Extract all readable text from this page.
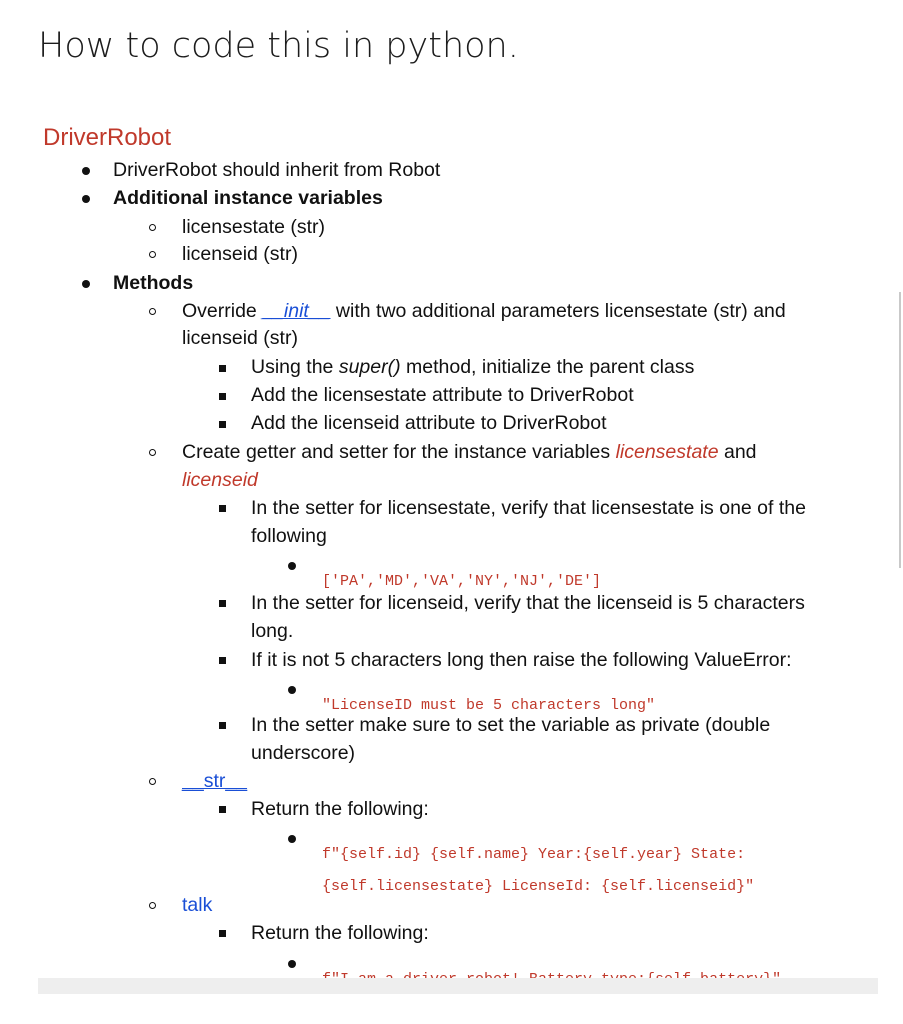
How to code this in python.

DriverRobot

DriverRobot should inherit from Robot

Additional instance variables

licensestate (str)

licenseid (str)

Methods

Override __init__ with two additional parameters licensestate (str) and

licenseid (str)

Using the super() method, initialize the parent class

Add the licensestate attribute to DriverRobot

Add the licenseid attribute to DriverRobot

Create getter and setter for the instance variables licensestate and

licenseid

In the setter for licensestate, verify that licensestate is one of the

following

['PA','MD','VA','NY','NJ','DE']

In the setter for licenseid, verify that the licenseid is 5 characters

long.

If it is not 5 characters long then raise the following ValueError:

"LicenseID must be 5 characters long"

In the setter make sure to set the variable as private (double

underscore)

__str__

Return the following:

f"{self.id} {self.name} Year:{self.year} State:

{self.licensestate} LicenseId: {self.licenseid}"

talk

Return the following:
